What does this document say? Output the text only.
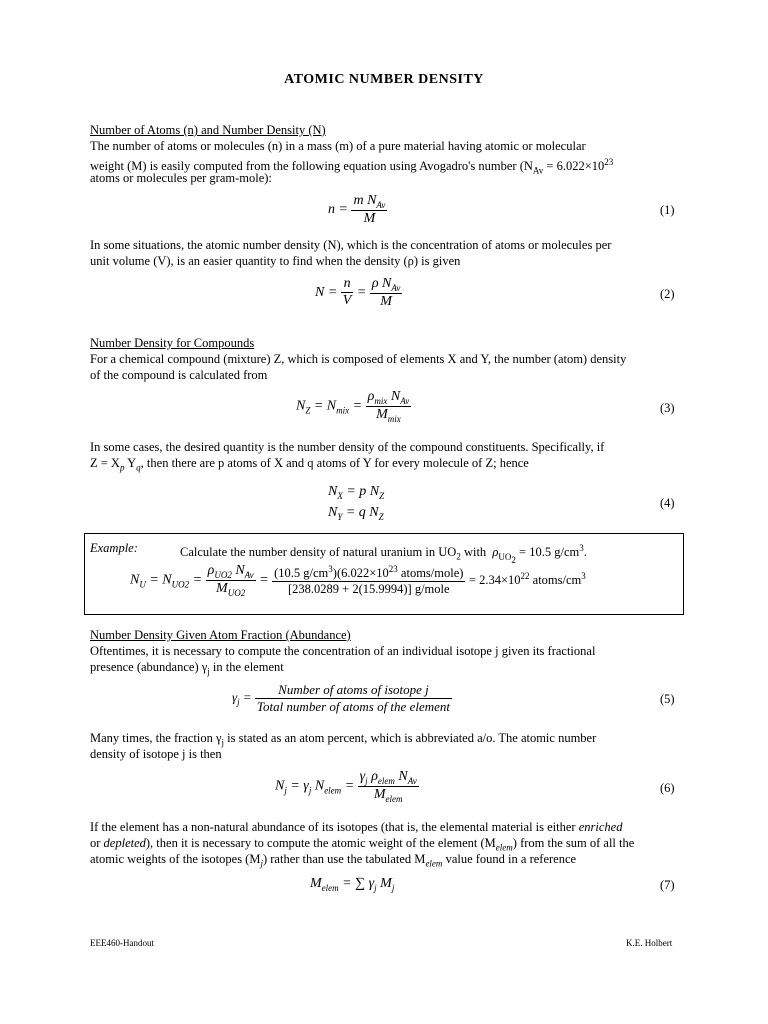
ATOMIC NUMBER DENSITY
Number of Atoms (n) and Number Density (N)
The number of atoms or molecules (n) in a mass (m) of a pure material having atomic or molecular
weight (M) is easily computed from the following equation using Avogadro's number ($N_{Av} = 6.022\times 10^{23}$
atoms or molecules per gram-mole):
$n = \frac{m N_{Av}}{M}$	(1)
In some situations, the atomic number density (N), which is the concentration of atoms or molecules per
unit volume (V), is an easier quantity to find when the density (ρ) is given
$N = \frac{n}{V} = \frac{\rho N_{Av}}{M}$	(2)
Number Density for Compounds
For a chemical compound (mixture) Z, which is composed of elements X and Y, the number (atom) density
of the compound is calculated from
$N_Z = N_{mix} = \frac{\rho_{mix} N_{Av}}{M_{mix}}$	(3)
In some cases, the desired quantity is the number density of the compound constituents. Specifically, if
$Z = X_p$ $Y_q$, then there are p atoms of X and q atoms of Y for every molecule of Z; hence
$N_X = p$ $N_Z$
$N_Y = q$ $N_Z$
(4)
Example:	Calculate the number density of natural uranium in $UO_2$ with $\rho_{UO_2} = 10.5$ $g/cm^3$.
$N_U = N_{UO2} = \frac{\rho_{UO2} N_{Av}}{M_{UO2}} = \frac{(10.5 g/cm^3)(6.022\times 10^{23} atoms/mole)}{\text{[238.0289 + 2(15.9994)] g/mole}} = 2.34\times 10^{22}$ atoms/$cm^3$
Number Density Given Atom Fraction (Abundance)
Oftentimes, it is necessary to compute the concentration of an individual isotope j given its fractional
presence (abundance) $\gamma_j$ in the element
$\gamma_j = \frac{\text{Number of atoms of isotope j}}{\text{Total number of atoms of the element}}$	(5)
Many times, the fraction $\gamma_j$ is stated as an atom percent, which is abbreviated a/o. The atomic number
density of isotope j is then
$N_j = \gamma_j$ $N_{elem} = \frac{\gamma_j \rho_{elem} N_{Av}}{M_{elem}}$	(6)
If the element has a non-natural abundance of its isotopes (that is, the elemental material is either enriched
or depleted), then it is necessary to compute the atomic weight of the element $(M_{elem})$ from the sum of all the
atomic weights of the isotopes $(M_j)$ rather than use the tabulated $M_{elem}$ value found in a reference
$M_{elem}$ = ∑ $\gamma_j$ $M_j$	(7)
EEE460-Handout	K.E. Holbert
